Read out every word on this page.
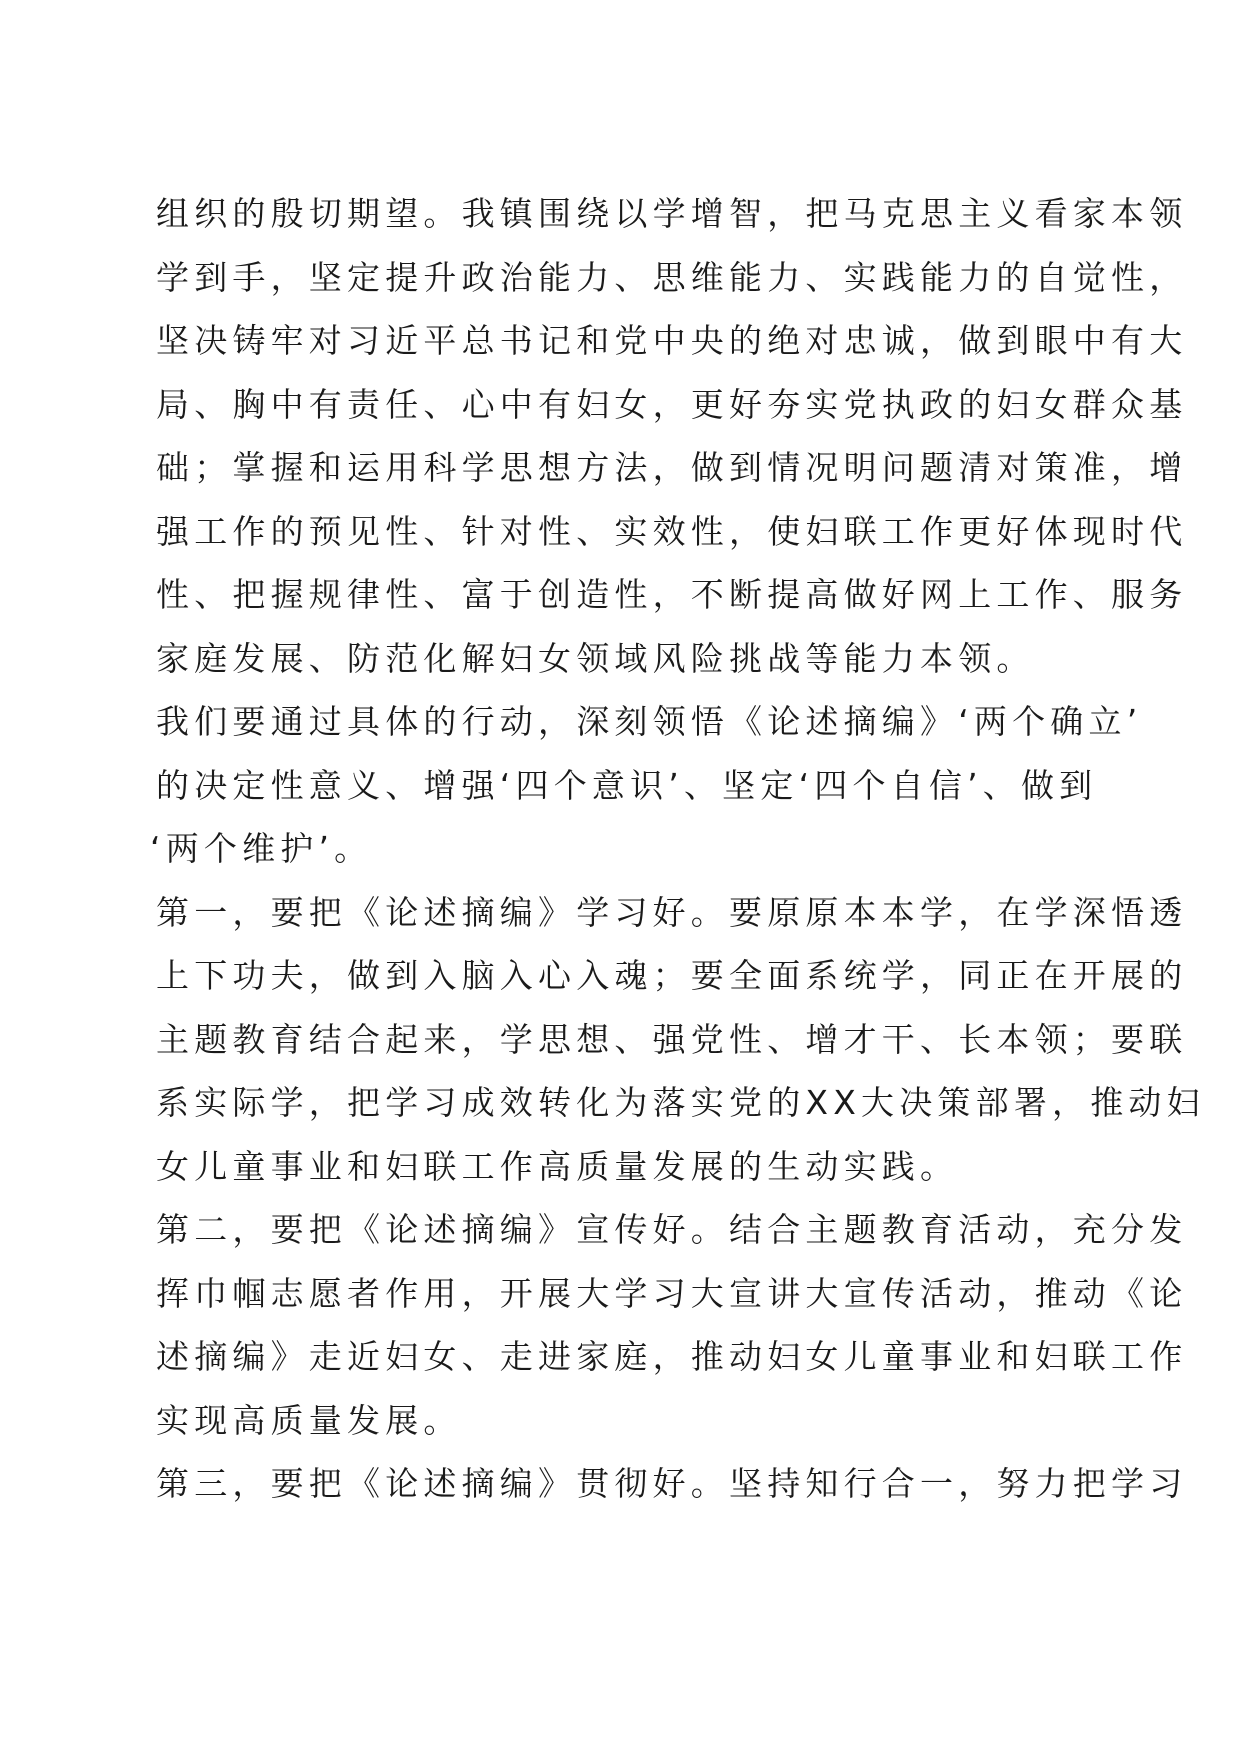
组织的殷切期望。我镇围绕以学增智，把马克思主义看家本领
学到手，坚定提升政治能力、思维能力、实践能力的自觉性，
坚决铸牢对习近平总书记和党中央的绝对忠诚，做到眼中有大
局、胸中有责任、心中有妇女，更好夯实党执政的妇女群众基
础；掌握和运用科学思想方法，做到情况明问题清对策准，增
强工作的预见性、针对性、实效性，使妇联工作更好体现时代
性、把握规律性、富于创造性，不断提高做好网上工作、服务
家庭发展、防范化解妇女领域风险挑战等能力本领。

我们要通过具体的行动，深刻领悟《论述摘编》‘两个确立’
的决定性意义、增强‘四个意识’、坚定‘四个自信’、做到
‘两个维护’。

第一，要把《论述摘编》学习好。要原原本本学，在学深悟透
上下功夫，做到入脑入心入魂；要全面系统学，同正在开展的
主题教育结合起来，学思想、强党性、增才干、长本领；要联
系实际学，把学习成效转化为落实党的XX大决策部署，推动妇
女儿童事业和妇联工作高质量发展的生动实践。

第二，要把《论述摘编》宣传好。结合主题教育活动，充分发
挥巾帼志愿者作用，开展大学习大宣讲大宣传活动，推动《论
述摘编》走近妇女、走进家庭，推动妇女儿童事业和妇联工作
实现高质量发展。

第三，要把《论述摘编》贯彻好。坚持知行合一，努力把学习
